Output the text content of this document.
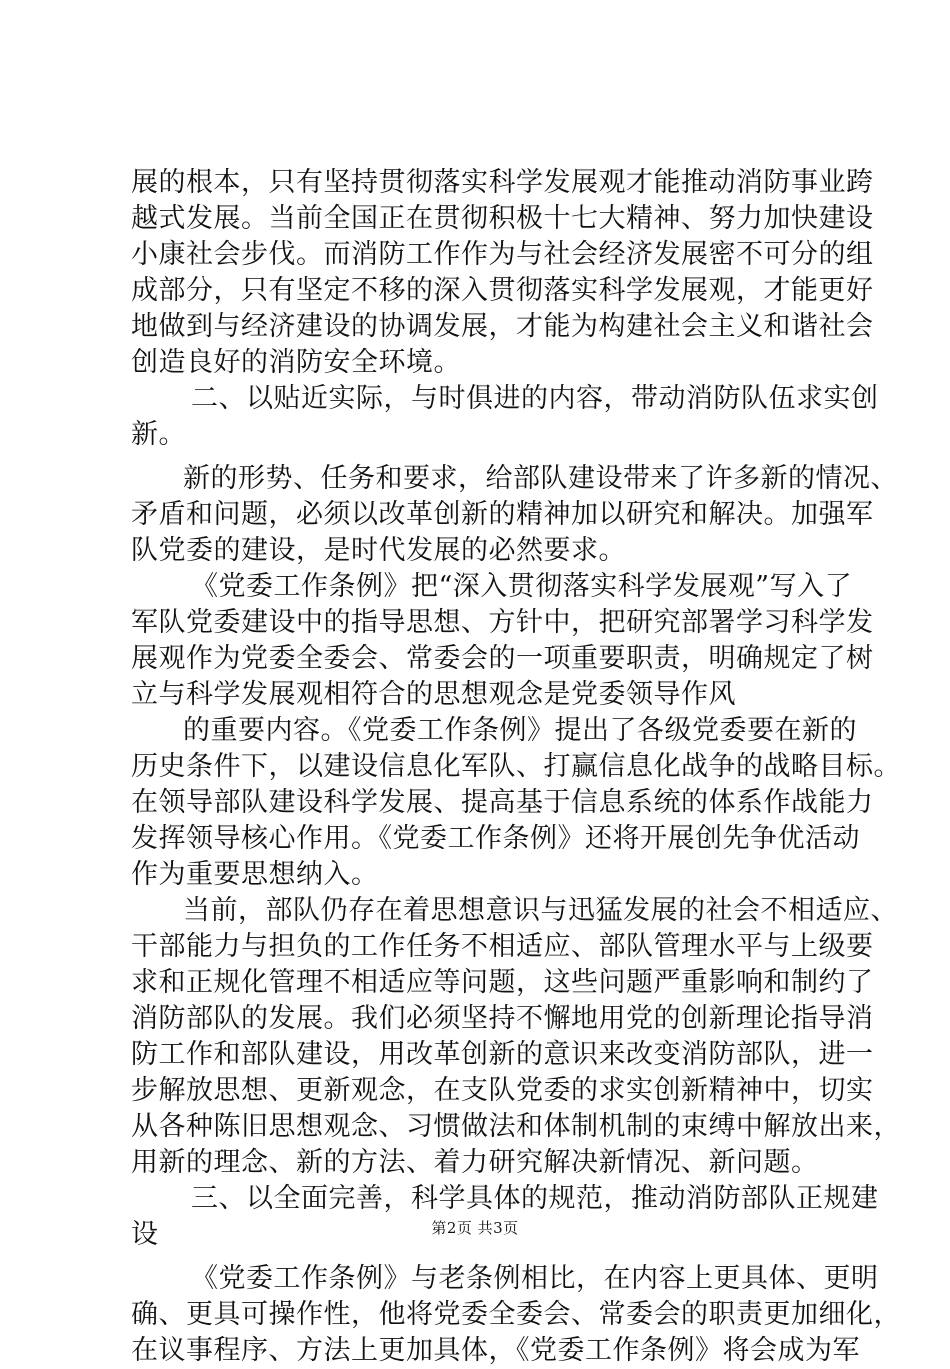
展的根本，只有坚持贯彻落实科学发展观才能推动消防事业跨
越式发展。当前全国正在贯彻积极十七大精神、努力加快建设
小康社会步伐。而消防工作作为与社会经济发展密不可分的组
成部分，只有坚定不移的深入贯彻落实科学发展观，才能更好
地做到与经济建设的协调发展，才能为构建社会主义和谐社会
创造良好的消防安全环境。
二、以贴近实际，与时俱进的内容，带动消防队伍求实创
新。
新的形势、任务和要求，给部队建设带来了许多新的情况、
矛盾和问题，必须以改革创新的精神加以研究和解决。加强军
队党委的建设，是时代发展的必然要求。
《党委工作条例》把“深入贯彻落实科学发展观”写入了
军队党委建设中的指导思想、方针中，把研究部署学习科学发
展观作为党委全委会、常委会的一项重要职责，明确规定了树
立与科学发展观相符合的思想观念是党委领导作风
的重要内容。《党委工作条例》提出了各级党委要在新的
历史条件下，以建设信息化军队、打赢信息化战争的战略目标。
在领导部队建设科学发展、提高基于信息系统的体系作战能力
发挥领导核心作用。《党委工作条例》还将开展创先争优活动
作为重要思想纳入。
当前，部队仍存在着思想意识与迅猛发展的社会不相适应、
干部能力与担负的工作任务不相适应、部队管理水平与上级要
求和正规化管理不相适应等问题，这些问题严重影响和制约了
消防部队的发展。我们必须坚持不懈地用党的创新理论指导消
防工作和部队建设，用改革创新的意识来改变消防部队，进一
步解放思想、更新观念，在支队党委的求实创新精神中，切实
从各种陈旧思想观念、习惯做法和体制机制的束缚中解放出来，
用新的理念、新的方法、着力研究解决新情况、新问题。
三、以全面完善，科学具体的规范，推动消防部队正规建
设
《党委工作条例》与老条例相比，在内容上更具体、更明
确、更具可操作性，他将党委全委会、常委会的职责更加细化，
在议事程序、方法上更加具体，《党委工作条例》将会成为军
第2页 共3页
